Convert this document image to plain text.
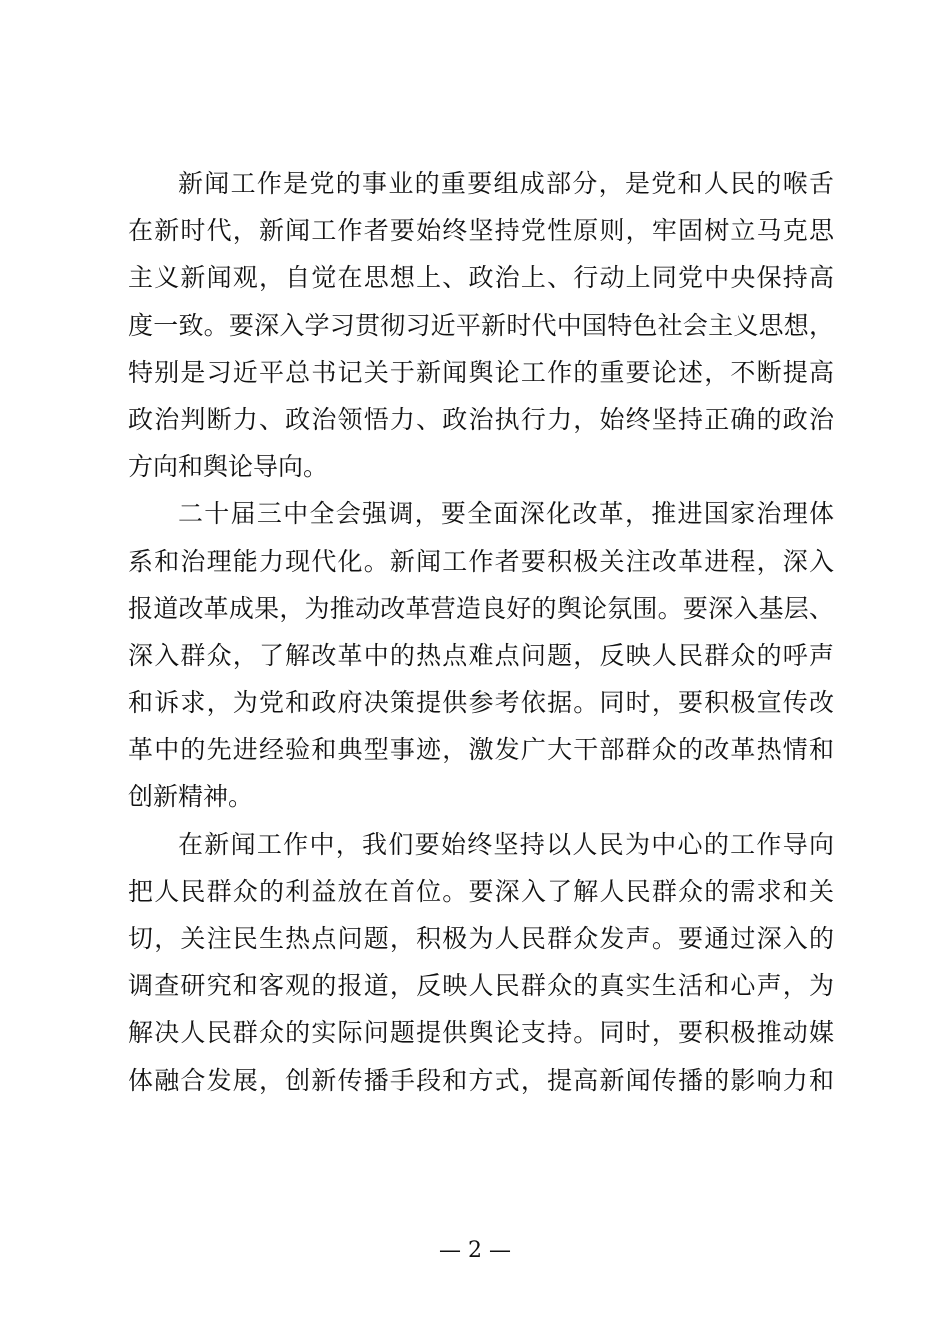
新闻工作是党的事业的重要组成部分，是党和人民的喉舌
在新时代，新闻工作者要始终坚持党性原则，牢固树立马克思
主义新闻观，自觉在思想上、政治上、行动上同党中央保持高
度一致。要深入学习贯彻习近平新时代中国特色社会主义思想，
特别是习近平总书记关于新闻舆论工作的重要论述，不断提高
政治判断力、政治领悟力、政治执行力，始终坚持正确的政治
方向和舆论导向。
二十届三中全会强调，要全面深化改革，推进国家治理体
系和治理能力现代化。新闻工作者要积极关注改革进程，深入
报道改革成果，为推动改革营造良好的舆论氛围。要深入基层、
深入群众，了解改革中的热点难点问题，反映人民群众的呼声
和诉求，为党和政府决策提供参考依据。同时，要积极宣传改
革中的先进经验和典型事迹，激发广大干部群众的改革热情和
创新精神。
在新闻工作中，我们要始终坚持以人民为中心的工作导向
把人民群众的利益放在首位。要深入了解人民群众的需求和关
切，关注民生热点问题，积极为人民群众发声。要通过深入的
调查研究和客观的报道，反映人民群众的真实生活和心声，为
解决人民群众的实际问题提供舆论支持。同时，要积极推动媒
体融合发展，创新传播手段和方式，提高新闻传播的影响力和
— 2 —
